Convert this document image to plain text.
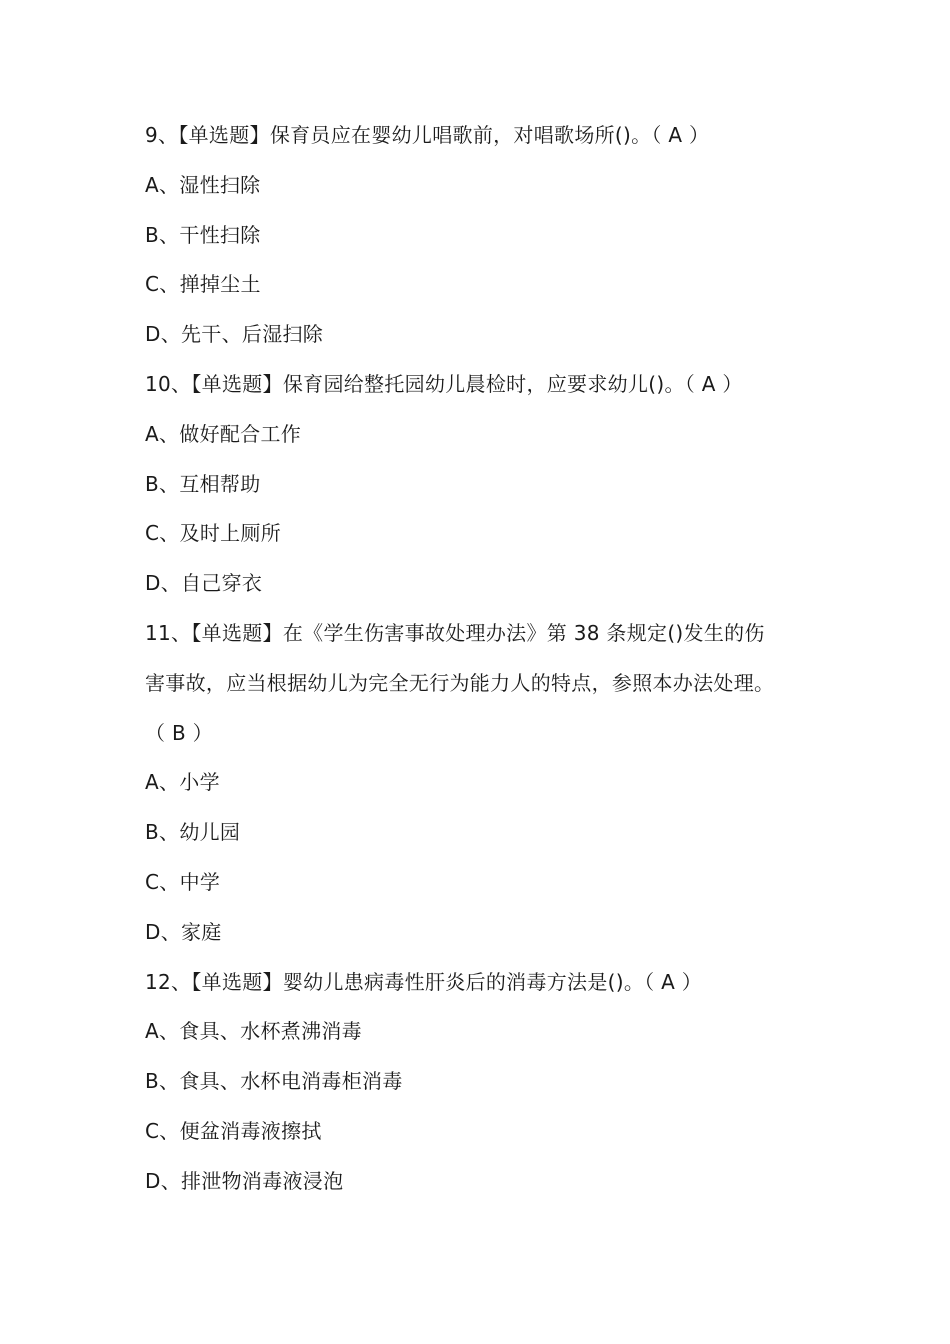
9、【单选题】保育员应在婴幼儿唱歌前，对唱歌场所()。（ A ）
A、湿性扫除
B、干性扫除
C、掸掉尘土
D、先干、后湿扫除
10、【单选题】保育园给整托园幼儿晨检时，应要求幼儿()。（ A ）
A、做好配合工作
B、互相帮助
C、及时上厕所
D、自己穿衣
11、【单选题】在《学生伤害事故处理办法》第 38 条规定()发生的伤
害事故，应当根据幼儿为完全无行为能力人的特点，参照本办法处理。
（ B ）
A、小学
B、幼儿园
C、中学
D、家庭
12、【单选题】婴幼儿患病毒性肝炎后的消毒方法是()。（ A ）
A、食具、水杯煮沸消毒
B、食具、水杯电消毒柜消毒
C、便盆消毒液擦拭
D、排泄物消毒液浸泡
